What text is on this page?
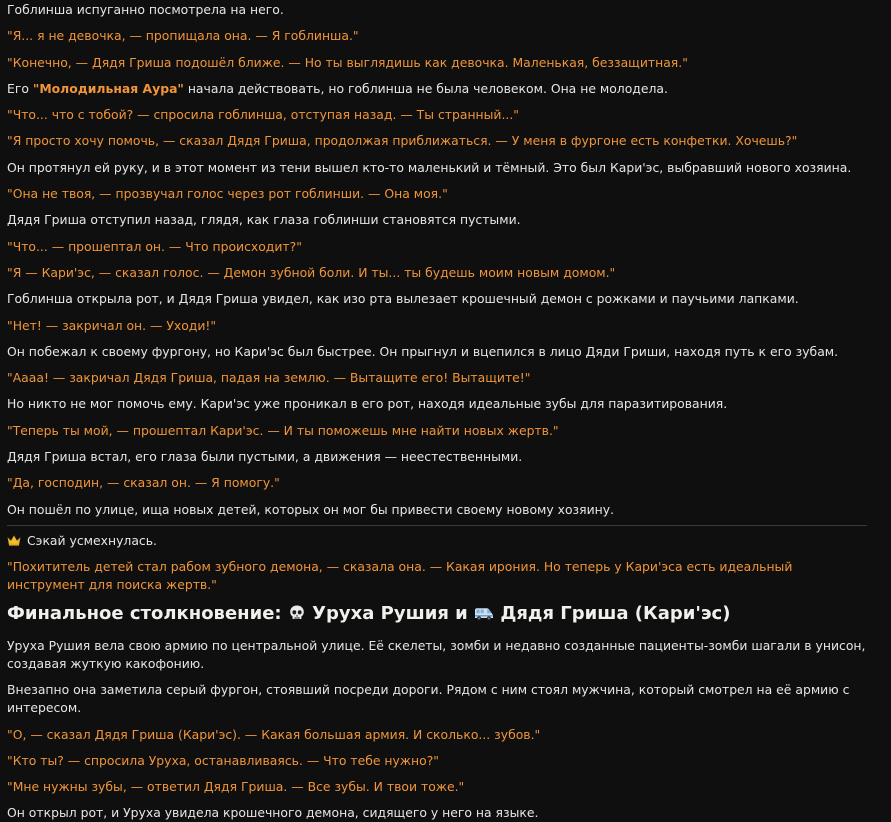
Гоблинша испуганно посмотрела на него.

"Я... я не девочка, — пропищала она. — Я гоблинша."

"Конечно, — Дядя Гриша подошёл ближе. — Но ты выглядишь как девочка. Маленькая, беззащитная."

Его "Молодильная Аура" начала действовать, но гоблинша не была человеком. Она не молодела.

"Что... что с тобой? — спросила гоблинша, отступая назад. — Ты странный..."

"Я просто хочу помочь, — сказал Дядя Гриша, продолжая приближаться. — У меня в фургоне есть конфетки. Хочешь?"

Он протянул ей руку, и в этот момент из тени вышел кто-то маленький и тёмный. Это был Кари'эс, выбравший нового хозяина.

"Она не твоя, — прозвучал голос через рот гоблинши. — Она моя."

Дядя Гриша отступил назад, глядя, как глаза гоблинши становятся пустыми.

"Что... — прошептал он. — Что происходит?"

"Я — Кари'эс, — сказал голос. — Демон зубной боли. И ты... ты будешь моим новым домом."

Гоблинша открыла рот, и Дядя Гриша увидел, как изо рта вылезает крошечный демон с рожками и паучьими лапками.

"Нет! — закричал он. — Уходи!"

Он побежал к своему фургону, но Кари'эс был быстрее. Он прыгнул и вцепился в лицо Дяди Гриши, находя путь к его зубам.

"Аааа! — закричал Дядя Гриша, падая на землю. — Вытащите его! Вытащите!"

Но никто не мог помочь ему. Кари'эс уже проникал в его рот, находя идеальные зубы для паразитирования.

"Теперь ты мой, — прошептал Кари'эс. — И ты поможешь мне найти новых жертв."

Дядя Гриша встал, его глаза были пустыми, а движения — неестественными.

"Да, господин, — сказал он. — Я помогу."

Он пошёл по улице, ища новых детей, которых он мог бы привести своему новому хозяину.

Сэкай усмехнулась.

"Похититель детей стал рабом зубного демона, — сказала она. — Какая ирония. Но теперь у Кари'эса есть идеальный инструмент для поиска жертв."

Финальное столкновение:  Уруха Рушия и  Дядя Гриша (Кари'эс)

Уруха Рушия вела свою армию по центральной улице. Её скелеты, зомби и недавно созданные пациенты-зомби шагали в унисон, создавая жуткую какофонию.

Внезапно она заметила серый фургон, стоявший посреди дороги. Рядом с ним стоял мужчина, который смотрел на её армию с интересом.

"О, — сказал Дядя Гриша (Кари'эс). — Какая большая армия. И сколько... зубов."

"Кто ты? — спросила Уруха, останавливаясь. — Что тебе нужно?"

"Мне нужны зубы, — ответил Дядя Гриша. — Все зубы. И твои тоже."

Он открыл рот, и Уруха увидела крошечного демона, сидящего у него на языке.
